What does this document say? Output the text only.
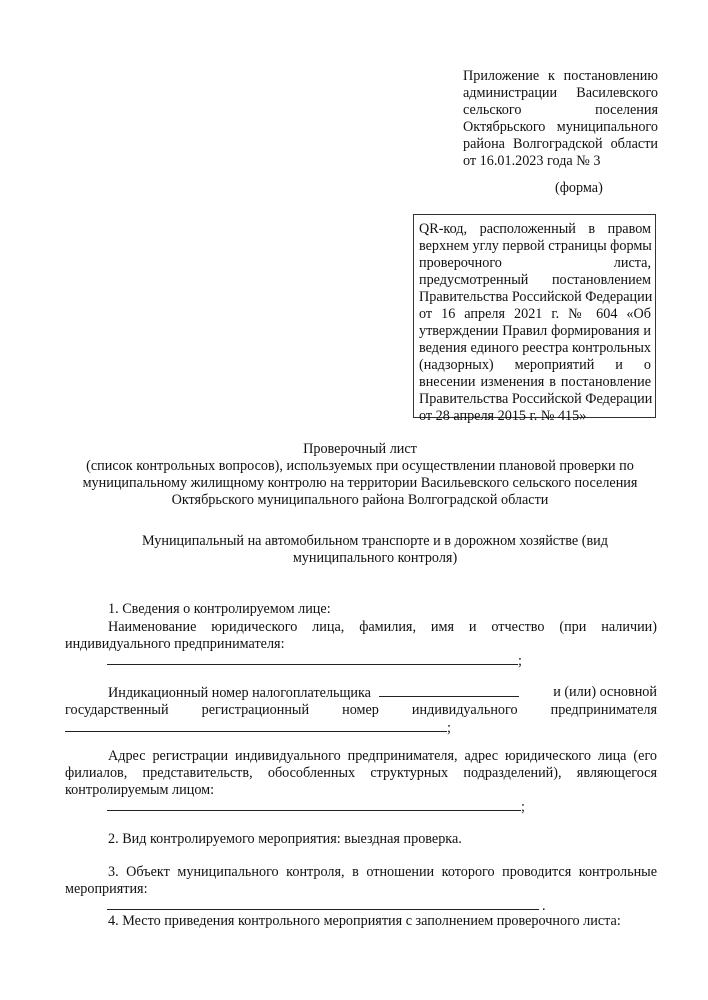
Приложение к постановлению
администрации Василевского
сельского поселения
Октябрьского муниципального
района Волгоградской области
от 16.01.2023 года № 3
(форма)
QR-код, расположенный в правом
верхнем углу первой страницы формы
проверочного листа,
предусмотренный постановлением
Правительства Российской Федерации
от 16 апреля 2021 г. № 604 «Об
утверждении Правил формирования и
ведения единого реестра контрольных
(надзорных) мероприятий и о
внесении изменения в постановление
Правительства Российской Федерации
от 28 апреля 2015 г. № 415»
Проверочный лист
(список контрольных вопросов), используемых при осуществлении плановой проверки по
муниципальному жилищному контролю на территории Васильевского сельского поселения
Октябрьского муниципального района Волгоградской области
Муниципальный на автомобильном транспорте и в дорожном хозяйстве (вид
муниципального контроля)
1. Сведения о контролируемом лице:
Наименование юридического лица, фамилия, имя и отчество (при наличии)
индивидуального предпринимателя:
;
Индикационный номер налогоплательщика	и (или) основной
государственный регистрационный номер индивидуального предпринимателя
;
Адрес регистрации индивидуального предпринимателя, адрес юридического лица (его
филиалов, представительств, обособленных структурных подразделений), являющегося
контролируемым лицом:
;
2. Вид контролируемого мероприятия: выездная проверка.
3. Объект муниципального контроля, в отношении которого проводится контрольные
мероприятия:
.
4. Место приведения контрольного мероприятия с заполнением проверочного листа:
